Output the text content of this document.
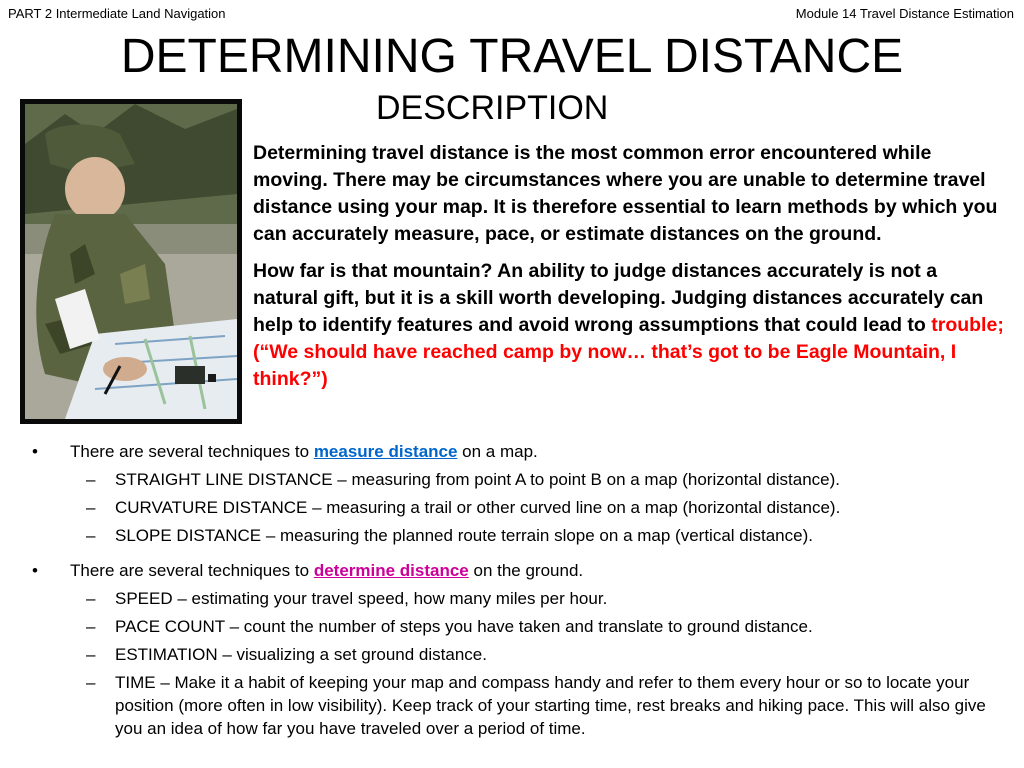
PART 2 Intermediate Land Navigation	Module 14 Travel Distance Estimation
DETERMINING TRAVEL DISTANCE
DESCRIPTION

Determining travel distance is the most common error encountered while moving. There may be circumstances where you are unable to determine travel distance using your map. It is therefore essential to learn methods by which you can accurately measure, pace, or estimate distances on the ground.

How far is that mountain? An ability to judge distances accurately is not a natural gift, but it is a skill worth developing. Judging distances accurately can help to identify features and avoid wrong assumptions that could lead to trouble; (“We should have reached camp by now… that’s got to be Eagle Mountain, I think?”)

• There are several techniques to measure distance on a map.
– STRAIGHT LINE DISTANCE – measuring from point A to point B on a map (horizontal distance).
– CURVATURE DISTANCE – measuring a trail or other curved line on a map (horizontal distance).
– SLOPE DISTANCE – measuring the planned route terrain slope on a map (vertical distance).
• There are several techniques to determine distance on the ground.
– SPEED – estimating your travel speed, how many miles per hour.
– PACE COUNT – count the number of steps you have taken and translate to ground distance.
– ESTIMATION – visualizing a set ground distance.
– TIME – Make it a habit of keeping your map and compass handy and refer to them every hour or so to locate your position (more often in low visibility). Keep track of your starting time, rest breaks and hiking pace. This will also give you an idea of how far you have traveled over a period of time.
